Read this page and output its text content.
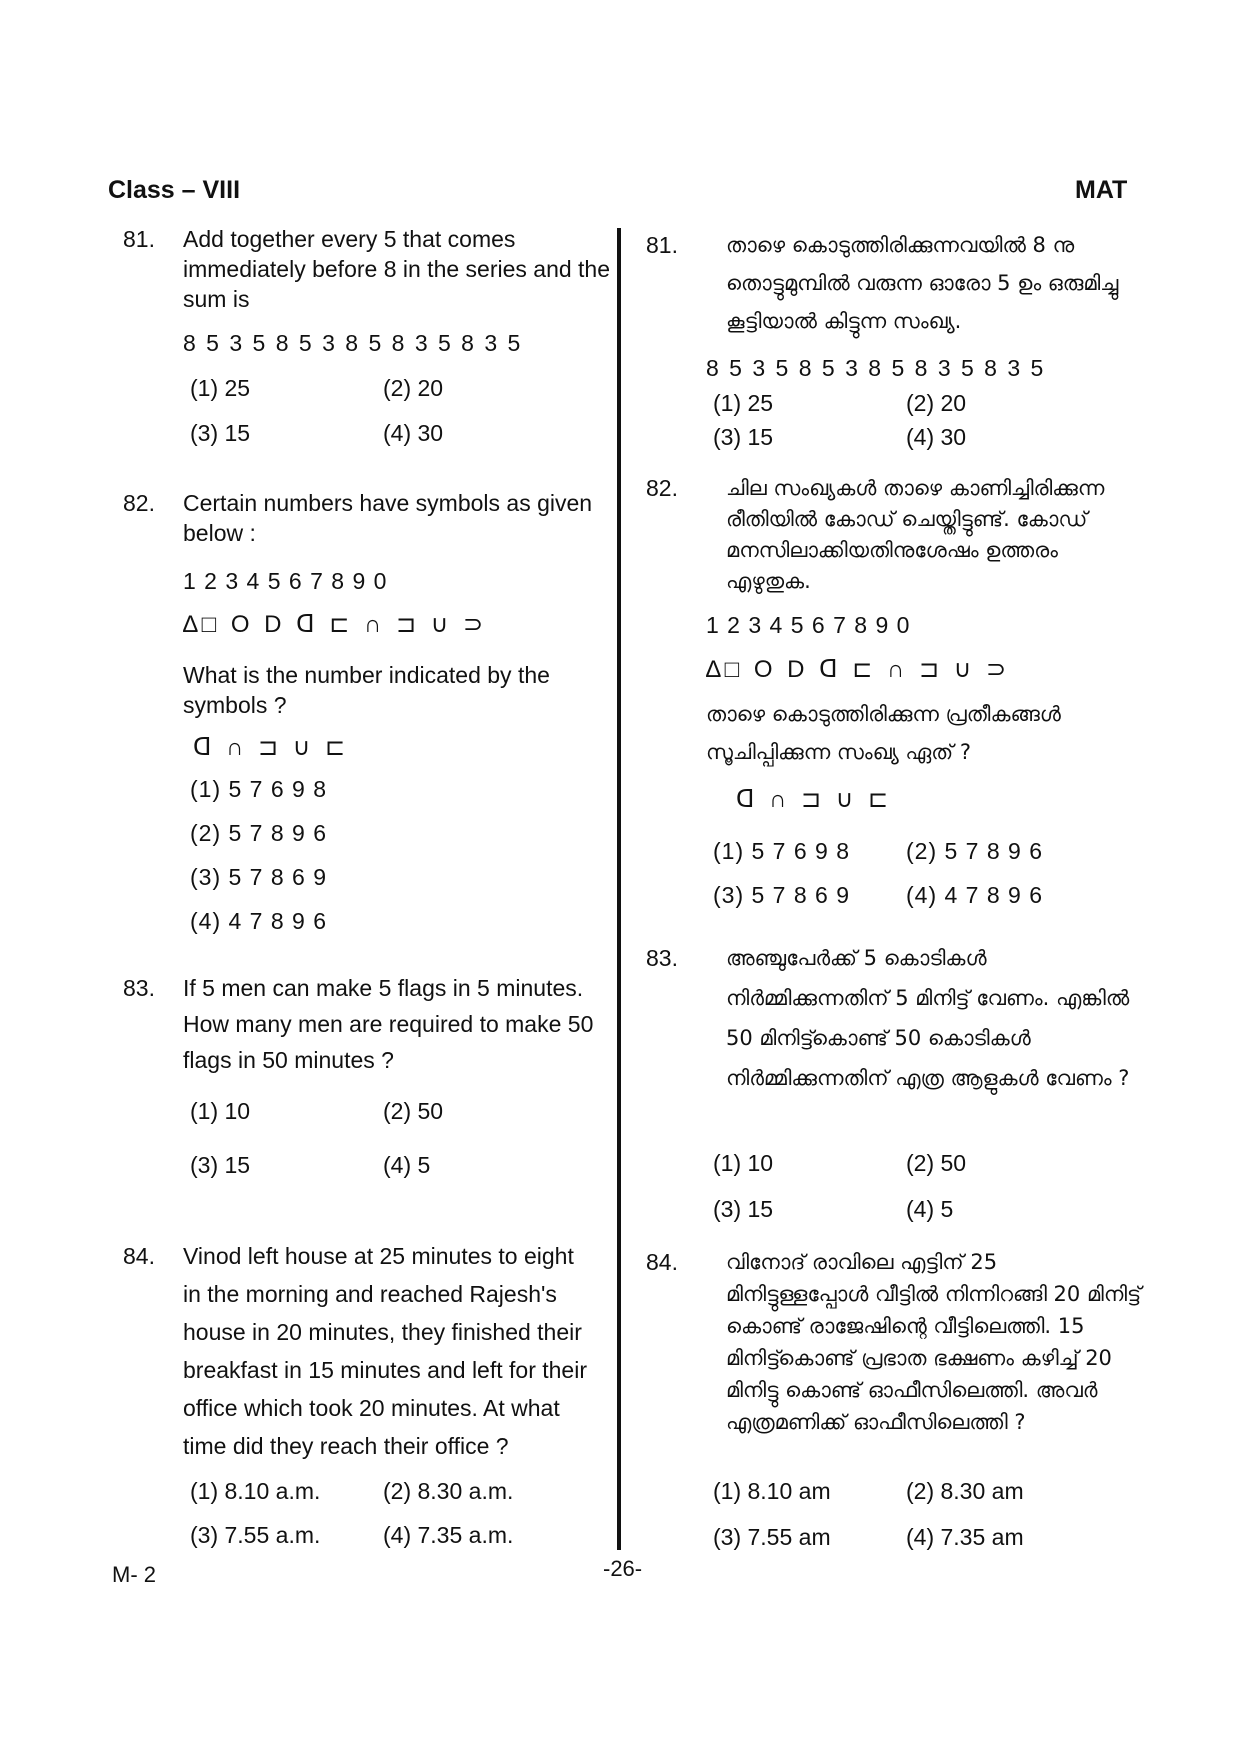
Class – VIII	MAT
81. Add together every 5 that comes immediately before 8 in the series and the sum is
8 5 3 5 8 5 3 8 5 8 3 5 8 3 5
(1) 25	(2) 20
(3) 15	(4) 30
82. Certain numbers have symbols as given below :
1 2 3 4 5 6 7 8 9 0
∆□ O D ᗡ ⊏ ∩ ⊐ ∪ ⊃
What is the number indicated by the symbols ?
ᗡ ∩ ⊐ ∪ ⊏
(1) 5 7 6 9 8
(2) 5 7 8 9 6
(3) 5 7 8 6 9
(4) 4 7 8 9 6
83. If 5 men can make 5 flags in 5 minutes. How many men are required to make 50 flags in 50 minutes ?
(1) 10	(2) 50
(3) 15	(4) 5
84. Vinod left house at 25 minutes to eight in the morning and reached Rajesh's house in 20 minutes, they finished their breakfast in 15 minutes and left for their office which took 20 minutes. At what time did they reach their office ?
(1) 8.10 a.m.	(2) 8.30 a.m.
(3) 7.55 a.m.	(4) 7.35 a.m.
81. താഴെ കൊടുത്തിരിക്കുന്നവയിൽ 8 നു തൊട്ടുമുമ്പിൽ വരുന്ന ഓരോ 5 ഉം ഒരുമിച്ചു കൂട്ടിയാൽ കിട്ടുന്ന സംഖ്യ.
8 5 3 5 8 5 3 8 5 8 3 5 8 3 5
(1) 25	(2) 20
(3) 15	(4) 30
82. ചില സംഖ്യകൾ താഴെ കാണിച്ചിരിക്കുന്ന രീതിയിൽ കോഡ് ചെയ്തിട്ടുണ്ട്. കോഡ് മനസിലാക്കിയതിനുശേഷം ഉത്തരം എഴുതുക.
1 2 3 4 5 6 7 8 9 0
∆□ O D ᗡ ⊏ ∩ ⊐ ∪ ⊃
താഴെ കൊടുത്തിരിക്കുന്ന പ്രതീകങ്ങൾ സൂചിപ്പിക്കുന്ന സംഖ്യ ഏത് ?
ᗡ ∩ ⊐ ∪ ⊏
(1) 5 7 6 9 8 (2) 5 7 8 9 6
(3) 5 7 8 6 9 (4) 4 7 8 9 6
83. അഞ്ചുപേർക്ക് 5 കൊടികൾ നിർമ്മിക്കുന്നതിന് 5 മിനിട്ട് വേണം. എങ്കിൽ 50 മിനിട്ട്കൊണ്ട് 50 കൊടികൾ നിർമ്മിക്കുന്നതിന് എത്ര ആളുകൾ വേണം ?
(1) 10	(2) 50
(3) 15	(4) 5
84. വിനോദ് രാവിലെ എട്ടിന് 25 മിനിട്ടുള്ളപ്പോൾ വീട്ടിൽ നിന്നിറങ്ങി 20 മിനിട്ട് കൊണ്ട് രാജേഷിന്റെ വീട്ടിലെത്തി. 15 മിനിട്ട്കൊണ്ട് പ്രഭാത ഭക്ഷണം കഴിച്ച് 20 മിനിട്ടു കൊണ്ട് ഓഫീസിലെത്തി. അവർ എത്രമണിക്ക് ഓഫീസിലെത്തി ?
(1) 8.10 am	(2) 8.30 am
(3) 7.55 am	(4) 7.35 am
M- 2	-26-
